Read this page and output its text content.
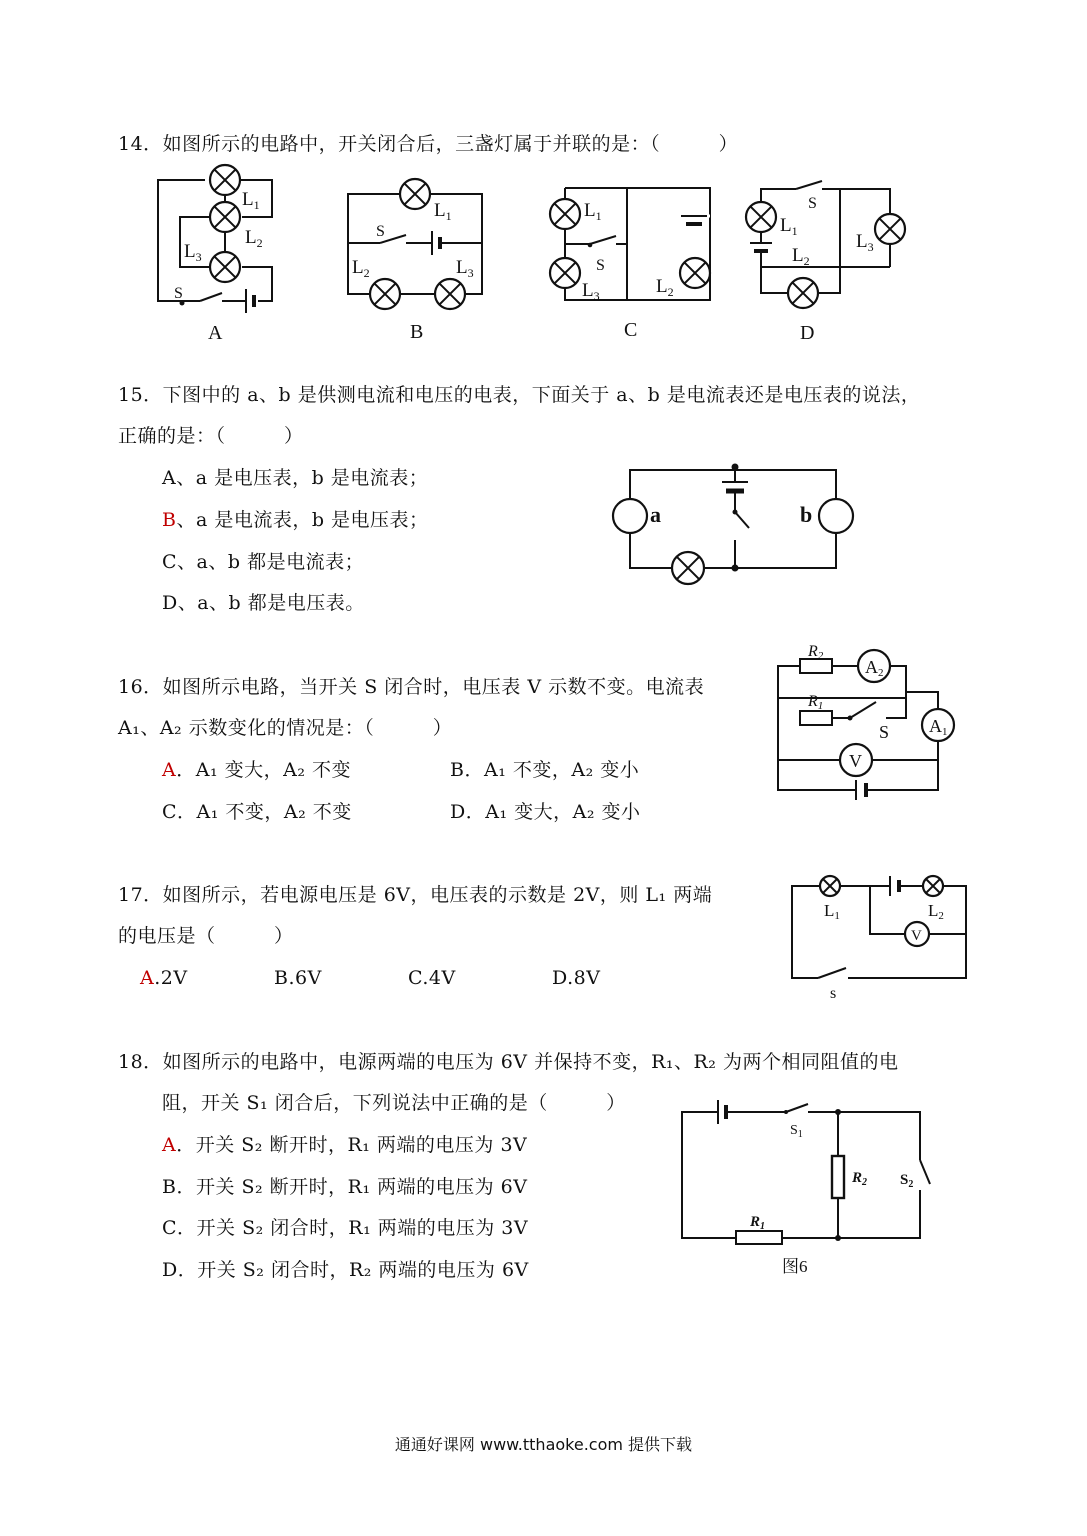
14．如图所示的电路中，开关闭合后，三盏灯属于并联的是：（　　　）
$L_1$
$L_2$
$L_3$
S
A
$L_1$
S
$L_2$	$L_3$
B
$L_1$
S
$L_3$	$L_2$
C
S
$L_1$
$L_2$
$L_3$
D
15．下图中的 a、b 是供测电流和电压的电表，下面关于 a、b 是电流表还是电压表的说法，
正确的是：（　　　）
A、a 是电压表，b 是电流表；
B、a 是电流表，b 是电压表；
C、a、b 都是电流表；
D、a、b 都是电压表。
a	b
16．如图所示电路，当开关 S 闭合时，电压表 V 示数不变。电流表
A₁、A₂ 示数变化的情况是：（　　　）
A．A₁ 变大，A₂ 不变	B．A₁ 不变，A₂ 变小
C．A₁ 不变，A₂ 不变	D．A₁ 变大，A₂ 变小
R2
R1
A2
A1
V
S
17．如图所示，若电源电压是 6V，电压表的示数是 2V，则 L₁ 两端
的电压是（　　　）
A.2V	B.6V	C.4V	D.8V
V
L1	L2
s
18．如图所示的电路中，电源两端的电压为 6V 并保持不变，R₁、R₂ 为两个相同阻值的电
阻，开关 S₁ 闭合后，下列说法中正确的是（　　　）
A．开关 S₂ 断开时，R₁ 两端的电压为 3V
B．开关 S₂ 断开时，R₁ 两端的电压为 6V
C．开关 S₂ 闭合时，R₁ 两端的电压为 3V
D．开关 S₂ 闭合时，R₂ 两端的电压为 6V
$S_1$
$R_2$ $S_2$
$R_1$
图6
通通好课网 www.tthaoke.com 提供下载
